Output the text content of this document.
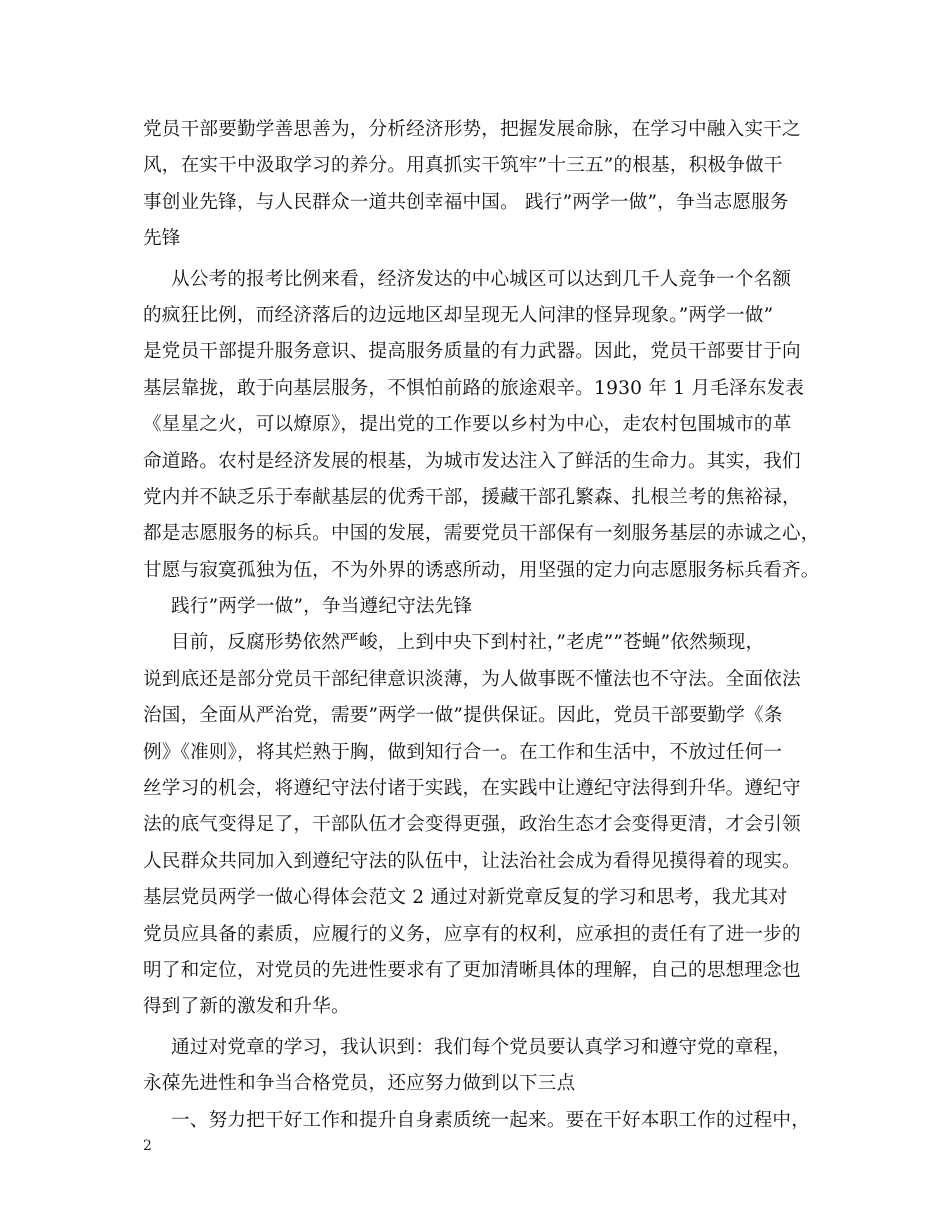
党员干部要勤学善思善为，分析经济形势，把握发展命脉，在学习中融入实干之
风，在实干中汲取学习的养分。用真抓实干筑牢”十三五”的根基，积极争做干
事创业先锋，与人民群众一道共创幸福中国。 践行”两学一做”，争当志愿服务
先锋
从公考的报考比例来看，经济发达的中心城区可以达到几千人竞争一个名额
的疯狂比例，而经济落后的边远地区却呈现无人问津的怪异现象。”两学一做”
是党员干部提升服务意识、提高服务质量的有力武器。因此，党员干部要甘于向
基层靠拢，敢于向基层服务，不惧怕前路的旅途艰辛。1930 年 1 月毛泽东发表
《星星之火，可以燎原》，提出党的工作要以乡村为中心，走农村包围城市的革
命道路。农村是经济发展的根基，为城市发达注入了鲜活的生命力。其实，我们
党内并不缺乏乐于奉献基层的优秀干部，援藏干部孔繁森、扎根兰考的焦裕禄，
都是志愿服务的标兵。中国的发展，需要党员干部保有一刻服务基层的赤诚之心，
甘愿与寂寞孤独为伍，不为外界的诱惑所动，用坚强的定力向志愿服务标兵看齐。
践行”两学一做”，争当遵纪守法先锋
目前，反腐形势依然严峻，上到中央下到村社，”老虎””苍蝇”依然频现，
说到底还是部分党员干部纪律意识淡薄，为人做事既不懂法也不守法。全面依法
治国，全面从严治党，需要”两学一做”提供保证。因此，党员干部要勤学《条
例》《准则》，将其烂熟于胸，做到知行合一。在工作和生活中，不放过任何一
丝学习的机会，将遵纪守法付诸于实践，在实践中让遵纪守法得到升华。遵纪守
法的底气变得足了，干部队伍才会变得更强，政治生态才会变得更清，才会引领
人民群众共同加入到遵纪守法的队伍中，让法治社会成为看得见摸得着的现实。
基层党员两学一做心得体会范文 2 通过对新党章反复的学习和思考，我尤其对
党员应具备的素质，应履行的义务，应享有的权利，应承担的责任有了进一步的
明了和定位，对党员的先进性要求有了更加清晰具体的理解，自己的思想理念也
得到了新的激发和升华。
通过对党章的学习，我认识到：我们每个党员要认真学习和遵守党的章程，
永葆先进性和争当合格党员，还应努力做到以下三点
一、努力把干好工作和提升自身素质统一起来。要在干好本职工作的过程中，
2
